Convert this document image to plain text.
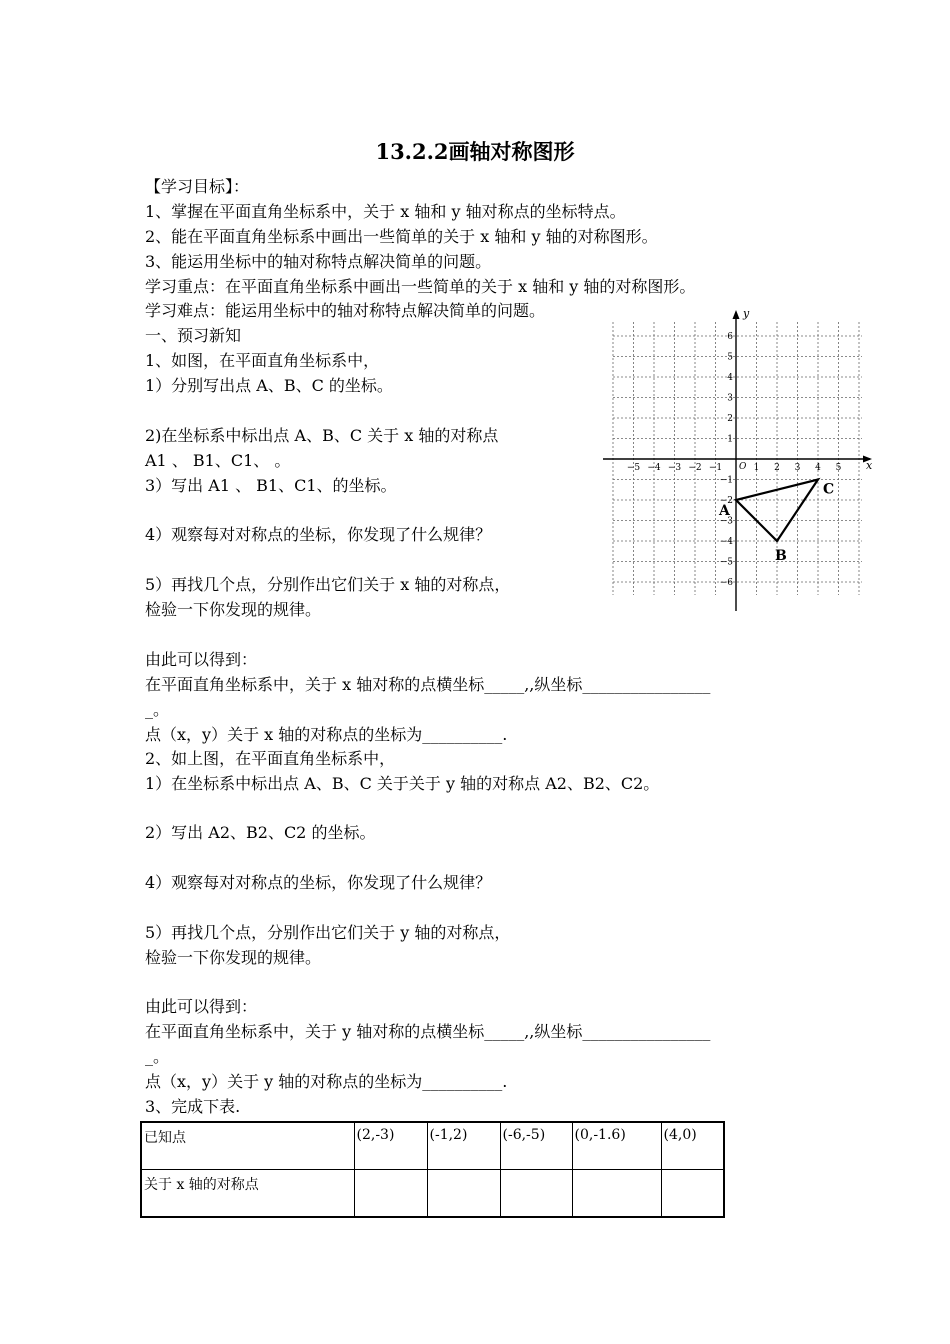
13.2.2画轴对称图形
【学习目标】：
1、掌握在平面直角坐标系中，关于 x 轴和 y 轴对称点的坐标特点。
2、能在平面直角坐标系中画出一些简单的关于 x 轴和 y 轴的对称图形。
3、能运用坐标中的轴对称特点解决简单的问题。
学习重点：在平面直角坐标系中画出一些简单的关于 x 轴和 y 轴的对称图形。
学习难点：能运用坐标中的轴对称特点解决简单的问题。
一、预习新知
1、如图，在平面直角坐标系中，
1）分别写出点 A、B、C 的坐标。
2)在坐标系中标出点 A、B、C 关于 x 轴的对称点
A1 、 B1、C1、 。
3）写出 A1 、 B1、C1、的坐标。
4）观察每对对称点的坐标，你发现了什么规律？
5）再找几个点，分别作出它们关于 x 轴的对称点，
检验一下你发现的规律。
由此可以得到：
在平面直角坐标系中，关于 x 轴对称的点横坐标_____,,纵坐标________________
_。
点（x，y）关于 x 轴的对称点的坐标为__________.
2、如上图，在平面直角坐标系中，
1）在坐标系中标出点 A、B、C 关于关于 y 轴的对称点 A2、B2、C2。
2）写出 A2、B2、C2 的坐标。
4）观察每对对称点的坐标，你发现了什么规律？
5）再找几个点，分别作出它们关于 y 轴的对称点，
检验一下你发现的规律。
由此可以得到：
在平面直角坐标系中，关于 y 轴对称的点横坐标_____,,纵坐标________________
_。
点（x，y）关于 y 轴的对称点的坐标为__________.
3、完成下表.
x
y
O
−5 −4 −3 −2 −1	1 2 3 4 5
6
5
4
3
2
1
−1
−2
−3
−4
−5
−6
A
B
C
已知点	(2,-3)	(-1,2)	(-6,-5)	(0,-1.6)	(4,0)
关于 x 轴的对称点					
